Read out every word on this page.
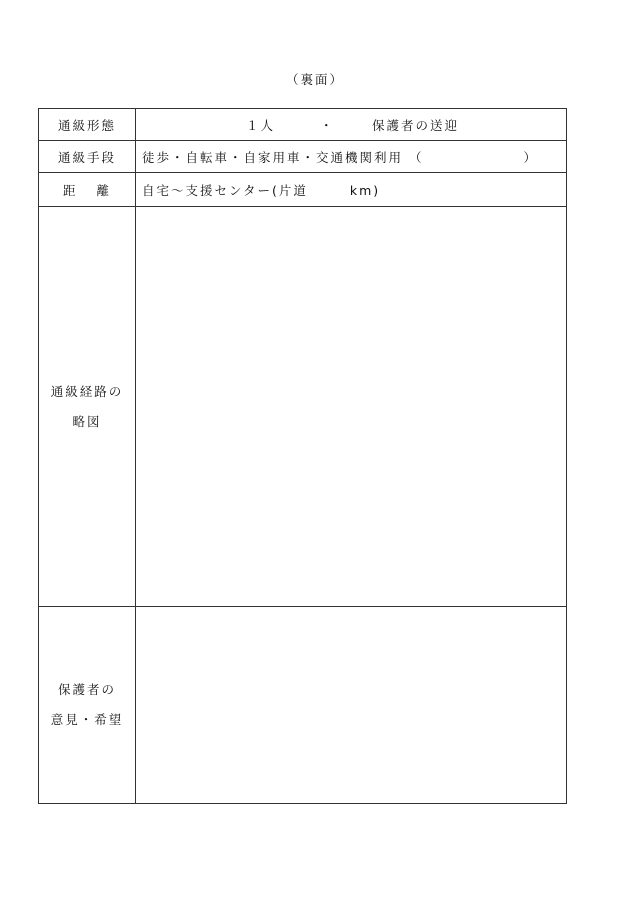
（裏面）
通級形態	１人 ・ 保護者の送迎

通級手段	徒歩・自転車・自家用車・交通機関利用 （ ）

距 離	自宅～支援センター(片道 km)

通級経路の
略図	

保護者の
意見・希望	
